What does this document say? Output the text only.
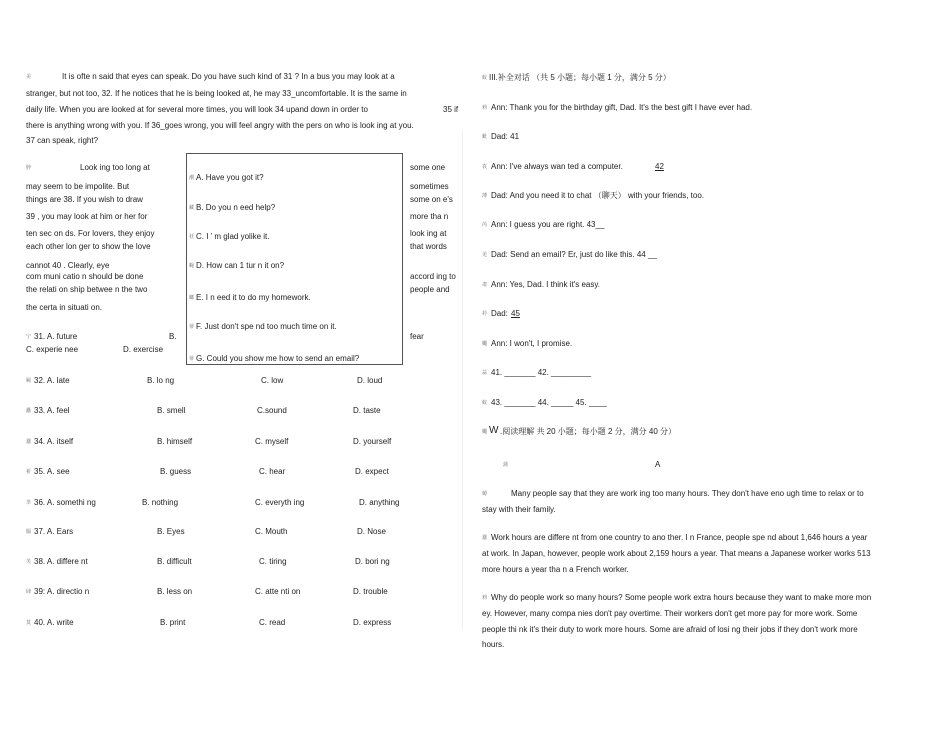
美	It is ofte n said that eyes can speak. Do you have such kind of 31 ? In a bus you may look at a
stranger, but not too, 32. If he notices that he is being looked at, he may 33_uncomfortable. It is the same in
daily life. When you are looked at for several more times, you will look 34 upand down in order to	35 if
there is anything wrong with you. If 36_goes wrong, you will feel angry with the pers on who is look ing at you.
37 can speak, right?
脖	Look ing too long at
may seem to be impolite. But
things are 38. If you wish to draw
39 , you may look at him or her for
ten sec on ds. For lovers, they enjoy
each other lon ger to show the love
cannot 40 . Clearly, eye
com muni catio n should be done
the relati on ship betwee n the two
the certa in situati on.
some one
sometimes
some on e's
more tha n
look ing at
that words
accord ing to
people and
潮 A. Have you got it?
藏 B. Do you n eed help?
袄 C. I ’ m glad yolike it.
蝇 D. How can 1 tur n it on?
螂 E. I n eed it to do my homework.
蒂 F. Just don't spe nd too much time on it.
蒂 G. Could you show me how to send an email?
宁 31. A. future	B.	fear
C. experie nee	D. exercise
羁 32. A. late	B. lo ng	C. low	D. loud
蠹 33. A. feel	B. smell	C.sound	D. taste
蠢 34. A. itself	B. himself	C. myself	D. yourself
祈 35. A. see	B. guess	C. hear	D. expect
芈 36. A. somethi ng	B. nothing	C. everyth ing	D. anything
膈 37. A. Ears	B. Eyes	C. Mouth	D. Nose
芙 38. A. differe nt	B. difficult	C. tiring	D. bori ng
肆 39: A. directio n	B. less on	C. atte nti on	D. trouble
莫 40. A. write	B. print	C. read	D. express
蚁 III.补全对话 （共 5 小题；每小题 1 分，满分 5 分）
莉 Ann: Thank you for the birthday gift, Dad. It's the best gift I have ever had.
蚍 Dad: 41
袁 Ann: I've always wan ted a computer.	42
薄 Dad: And you need it to chat （聊天） with your friends, too.
芮 Ann: I guess you are right. 43__
羌 Dad: Send an email? Er, just do like this. 44 __
肃 Ann: Yes, Dad. I think it's easy.
衿 Dad: 45
蠅 Ann: I won't, I promise.
蒜 41. _______ 42. _________
蚁 43. _______ 44. _____ 45. ____
蠅 W .阅读理解 共 20 小题；每小题 2 分，满分 40 分）
蒲	A
薅	Many people say that they are work ing too many hours. They don't have eno ugh time to relax or to
stay with their family.
蠢 Work hours are differe nt from one country to ano ther. I n France, people spe nd about 1,646 hours a year
at work. In Japan, however, people work about 2,159 hours a year. That means a Japanese worker works 513
more hours a year tha n a French worker.
莉 Why do people work so many hours? Some people work extra hours because they want to make more mon
ey. However, many compa nies don't pay overtime. Their workers don't get more pay for more work. Some
people thi nk it's their duty to work more hours. Some are afraid of losi ng their jobs if they don't work more
hours.
